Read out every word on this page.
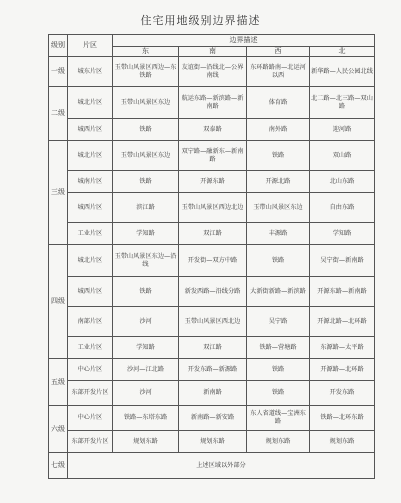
住宅用地级别边界描述
级别	片区	边界描述			
		东	南	西	北
一级	城东片区	玉带山风景区西边—东铁路	友谊街—沿线北—公界南线	东环路路南—北运河以西	新华路—人民公园北线
二级	城北片区	玉带山风景区东边	航运东路—新滨路—新南路	体育路	北二路—北三路—双山路
	城西片区	铁路	双泰路	南外路	迎河路
三级	城北片区	玉带山风景区东边	双宁路—融新东—新南路	铁路	双山路
	城南片区	铁路	开源东路	开源北路	北山东路
	城西片区	滨江路	玉带山风景区西边北边	玉带山风景区东边	自由东路
	工业片区	学知路	双江路	丰源路	学知路
四级	城北片区	玉带山风景区东边—沿线	开发街—双方中路	铁路	吴宁街—新南路
	城西片区	铁路	新发西路—沿线分路	大新街新路—新滨路	开源东路—新南路
	南部片区	沙河	玉带山风景区西北边	吴宁路	开源北路—北环路
	工业片区	学知路	双江路	铁路—营塘路	东源路—太平路
五级	中心片区	沙河—江北路	开发东路—新源路	铁路	开源路—北环路
	东部开发片区	沙河	新南路	铁路	开发东路
六级	中心片区	铁路—东塔东路	新南路—新安路	东人省道线—宝洲东路	铁路—北环东路
	东部开发片区	规划东路	规划东路	规划东路	规划东路
七级	上述区域以外部分				
